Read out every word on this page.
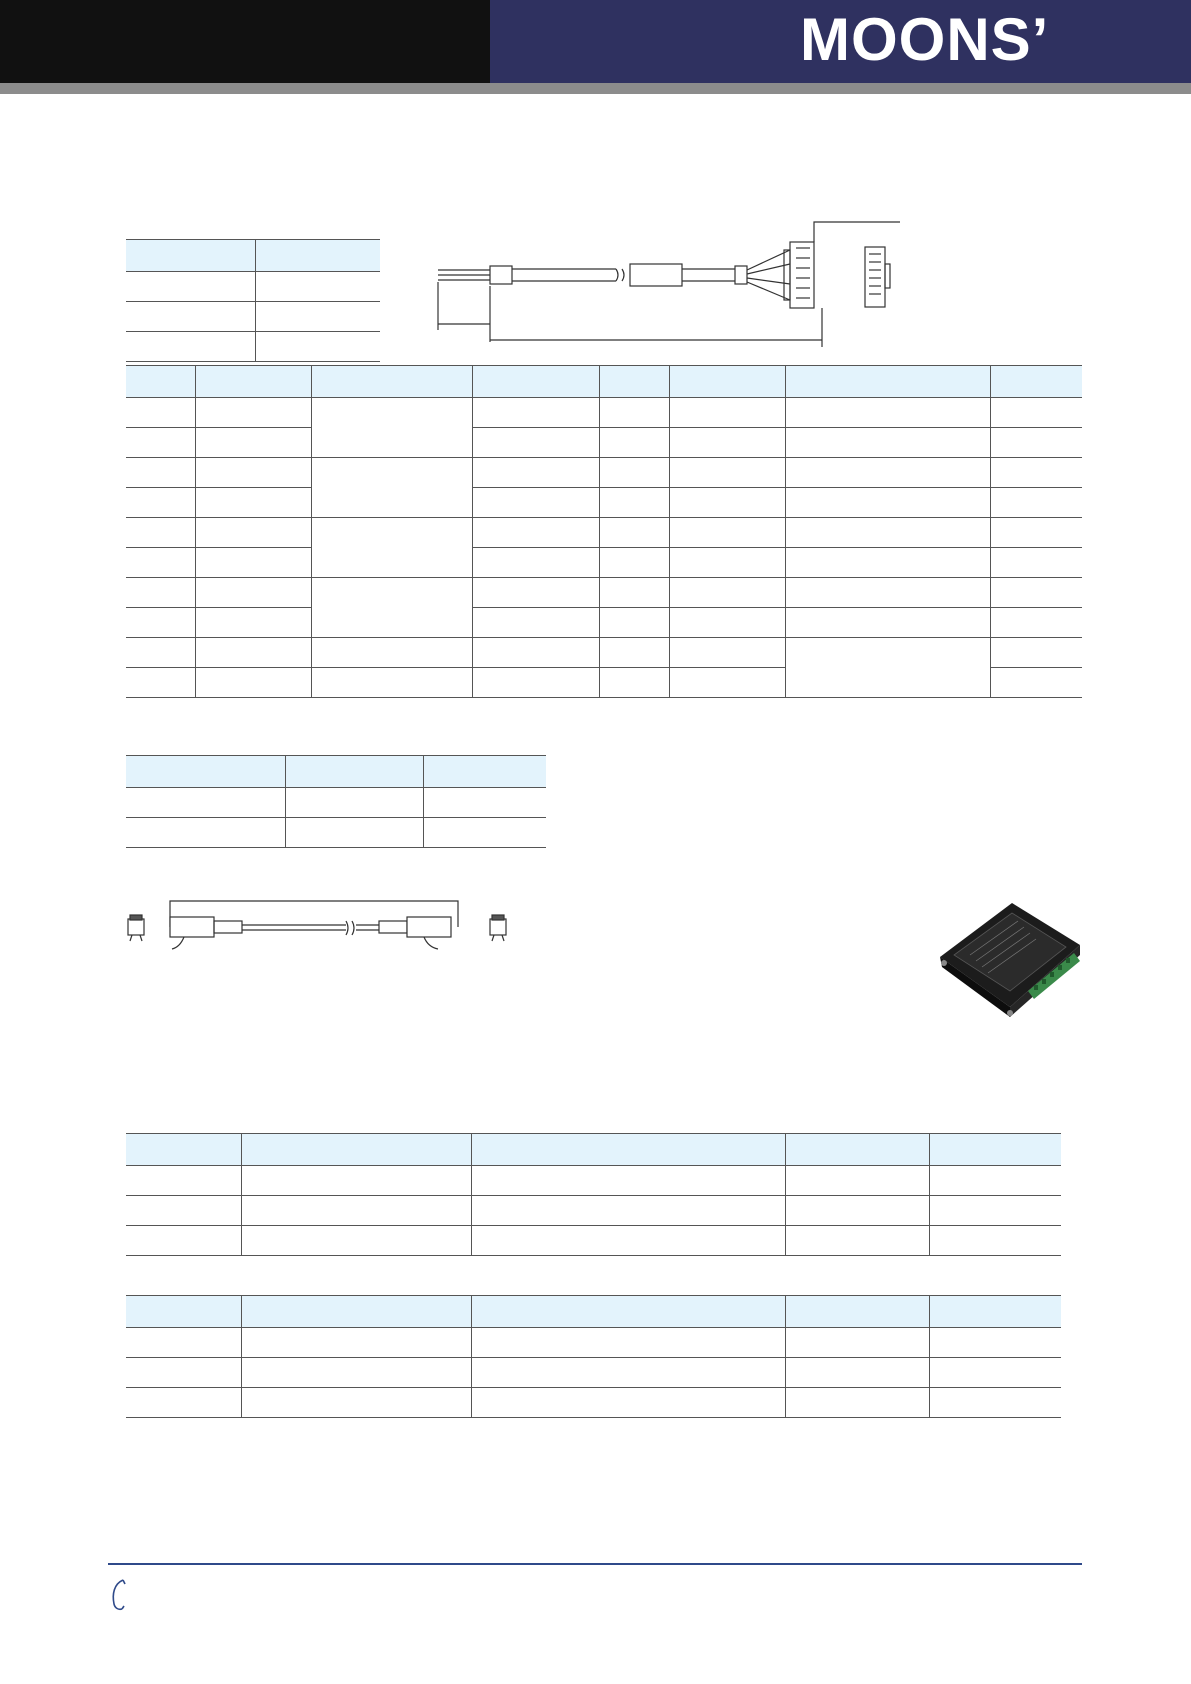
MOONS’
